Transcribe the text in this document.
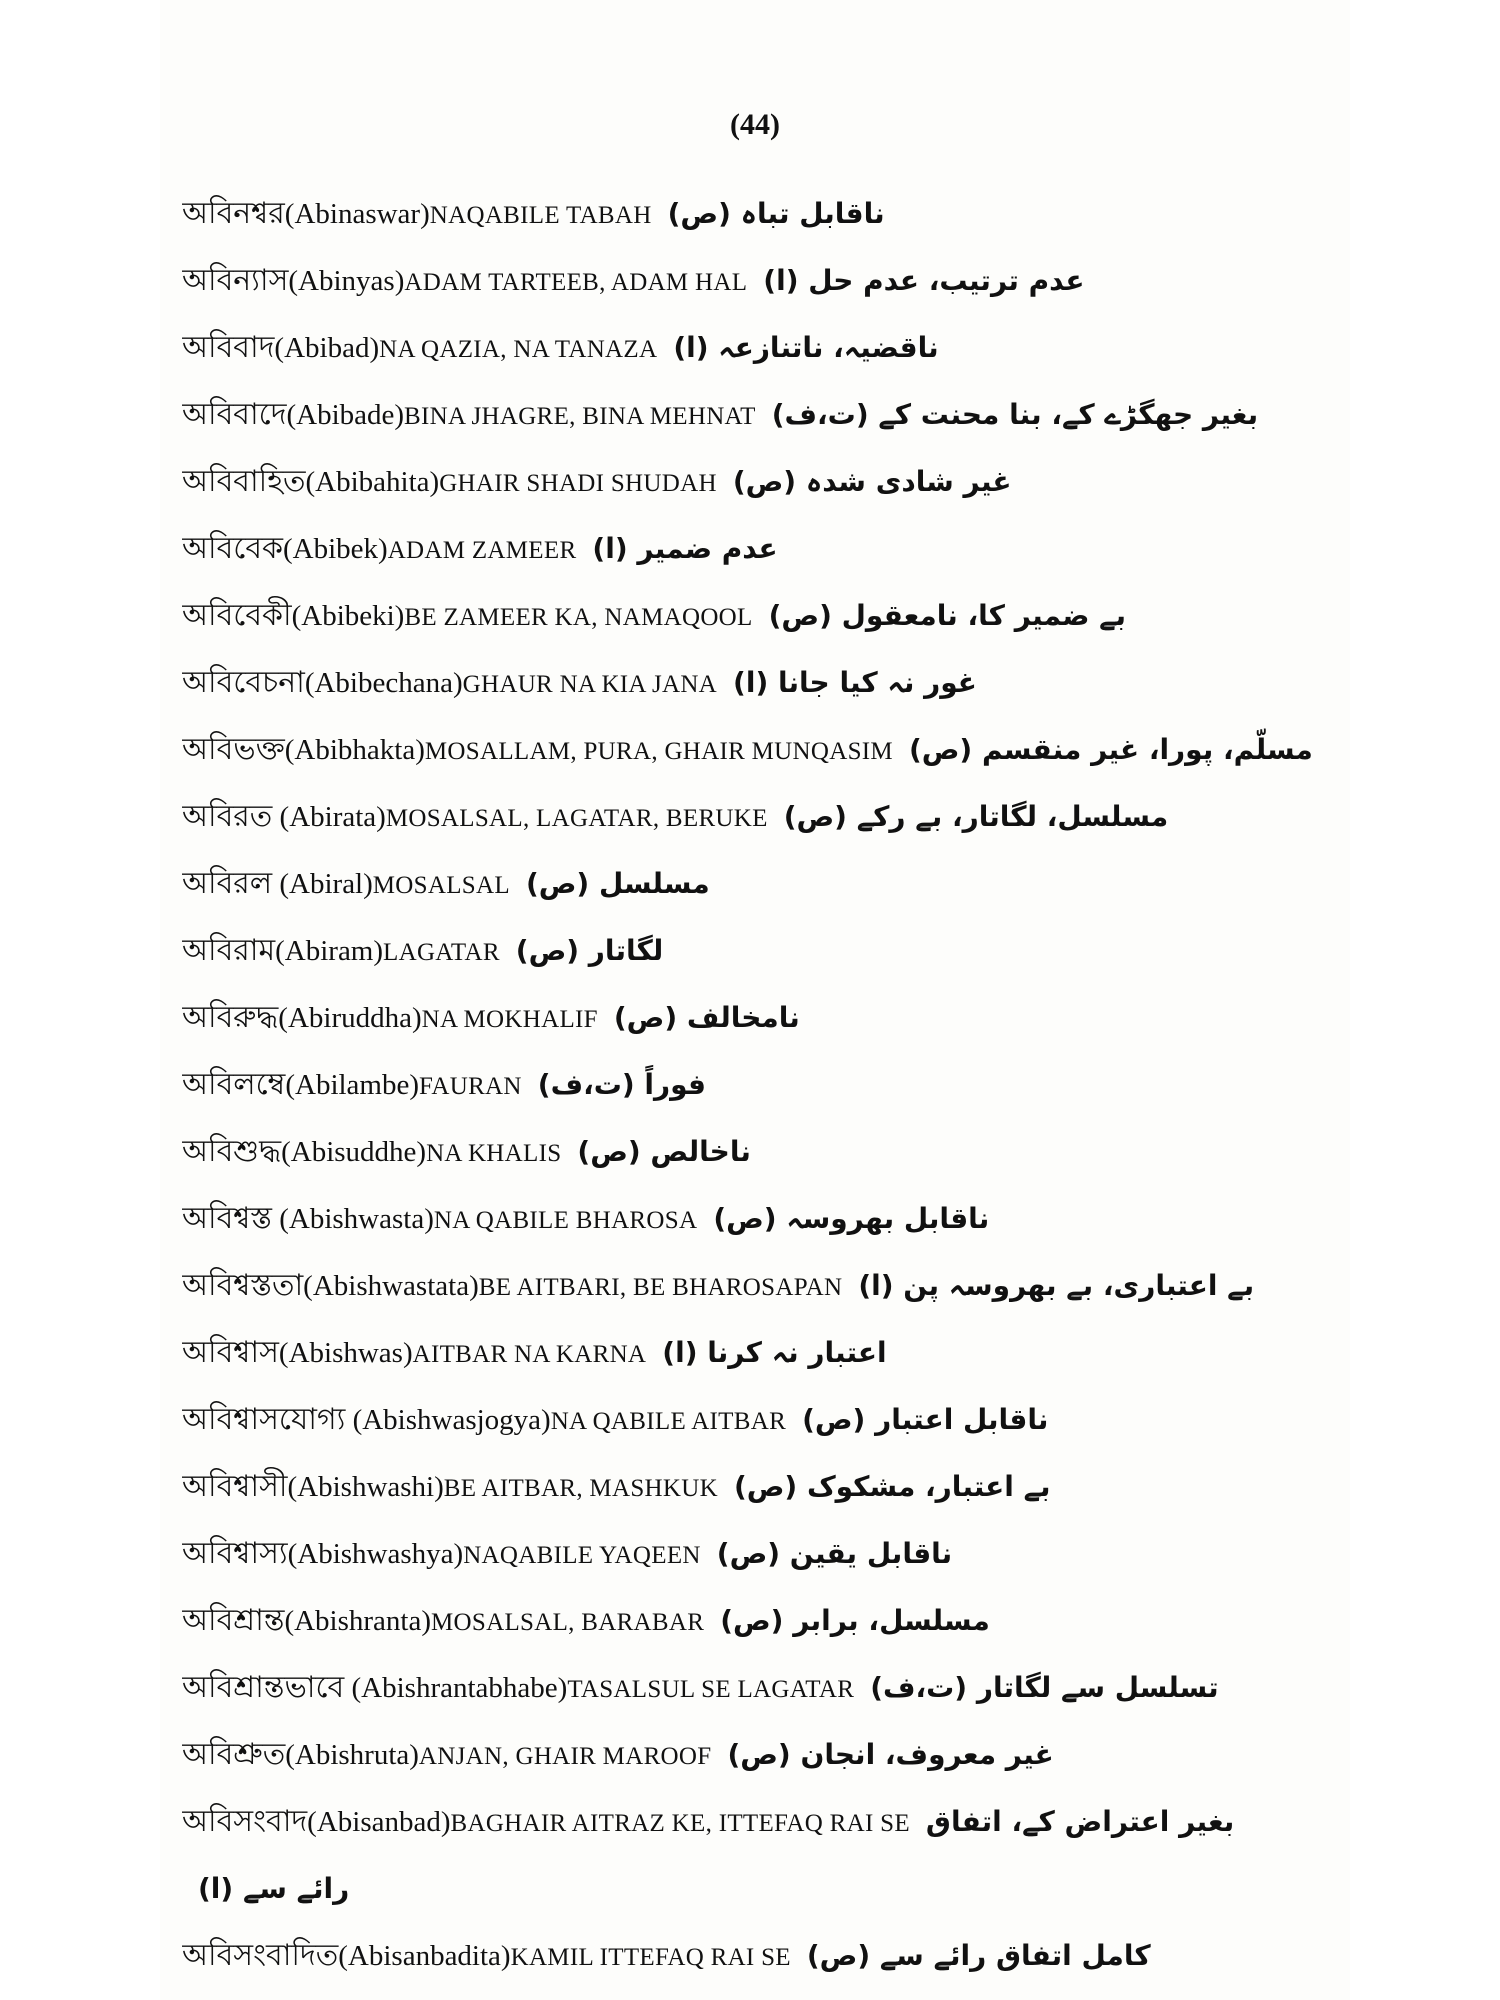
(44)
অবিনশ্বর(Abinaswar)NAQABILE TABAH ناقابل تباہ (ص)
অবিন্যাস(Abinyas)ADAM TARTEEB, ADAM HAL عدم ترتیب، عدم حل (ا)
অবিবাদ(Abibad)NA QAZIA, NA TANAZA ناقضیہ، ناتنازعہ (ا)
অবিবাদে(Abibade)BINA JHAGRE, BINA MEHNAT بغیر جھگڑے کے، بنا محنت کے (ت،ف)
অবিবাহিত(Abibahita)GHAIR SHADI SHUDAH غیر شادی شدہ (ص)
অবিবেক(Abibek)ADAM ZAMEER عدم ضمیر (ا)
অবিবেকী(Abibeki)BE ZAMEER KA, NAMAQOOL بے ضمیر کا، نامعقول (ص)
অবিবেচনা(Abibechana)GHAUR NA KIA JANA غور نہ کیا جانا (ا)
অবিভক্ত(Abibhakta)MOSALLAM, PURA, GHAIR MUNQASIM مسلّم، پورا، غیر منقسم (ص)
অবিরত (Abirata)MOSALSAL, LAGATAR, BERUKE مسلسل، لگاتار، بے رکے (ص)
অবিরল (Abiral)MOSALSAL مسلسل (ص)
অবিরাম(Abiram)LAGATAR لگاتار (ص)
অবিরুদ্ধ(Abiruddha)NA MOKHALIF نامخالف (ص)
অবিলম্বে(Abilambe)FAURAN فوراً (ت،ف)
অবিশুদ্ধ(Abisuddhe)NA KHALIS ناخالص (ص)
অবিশ্বস্ত (Abishwasta)NA QABILE BHAROSA ناقابل بھروسہ (ص)
অবিশ্বস্ততা(Abishwastata)BE AITBARI, BE BHAROSAPAN بے اعتباری، بے بھروسہ پن (ا)
অবিশ্বাস(Abishwas)AITBAR NA KARNA اعتبار نہ کرنا (ا)
অবিশ্বাসযোগ্য (Abishwasjogya)NA QABILE AITBAR ناقابل اعتبار (ص)
অবিশ্বাসী(Abishwashi)BE AITBAR, MASHKUK بے اعتبار، مشکوک (ص)
অবিশ্বাস্য(Abishwashya)NAQABILE YAQEEN ناقابل یقین (ص)
অবিশ্রান্ত(Abishranta)MOSALSAL, BARABAR مسلسل، برابر (ص)
অবিশ্রান্তভাবে (Abishrantabhabe)TASALSUL SE LAGATAR تسلسل سے لگاتار (ت،ف)
অবিশ্রুত(Abishruta)ANJAN, GHAIR MAROOF غیر معروف، انجان (ص)
অবিসংবাদ(Abisanbad)BAGHAIR AITRAZ KE, ITTEFAQ RAI SE بغیر اعتراض کے، اتفاق
رائے سے (ا)
অবিসংবাদিত(Abisanbadita)KAMIL ITTEFAQ RAI SE کامل اتفاق رائے سے (ص)
